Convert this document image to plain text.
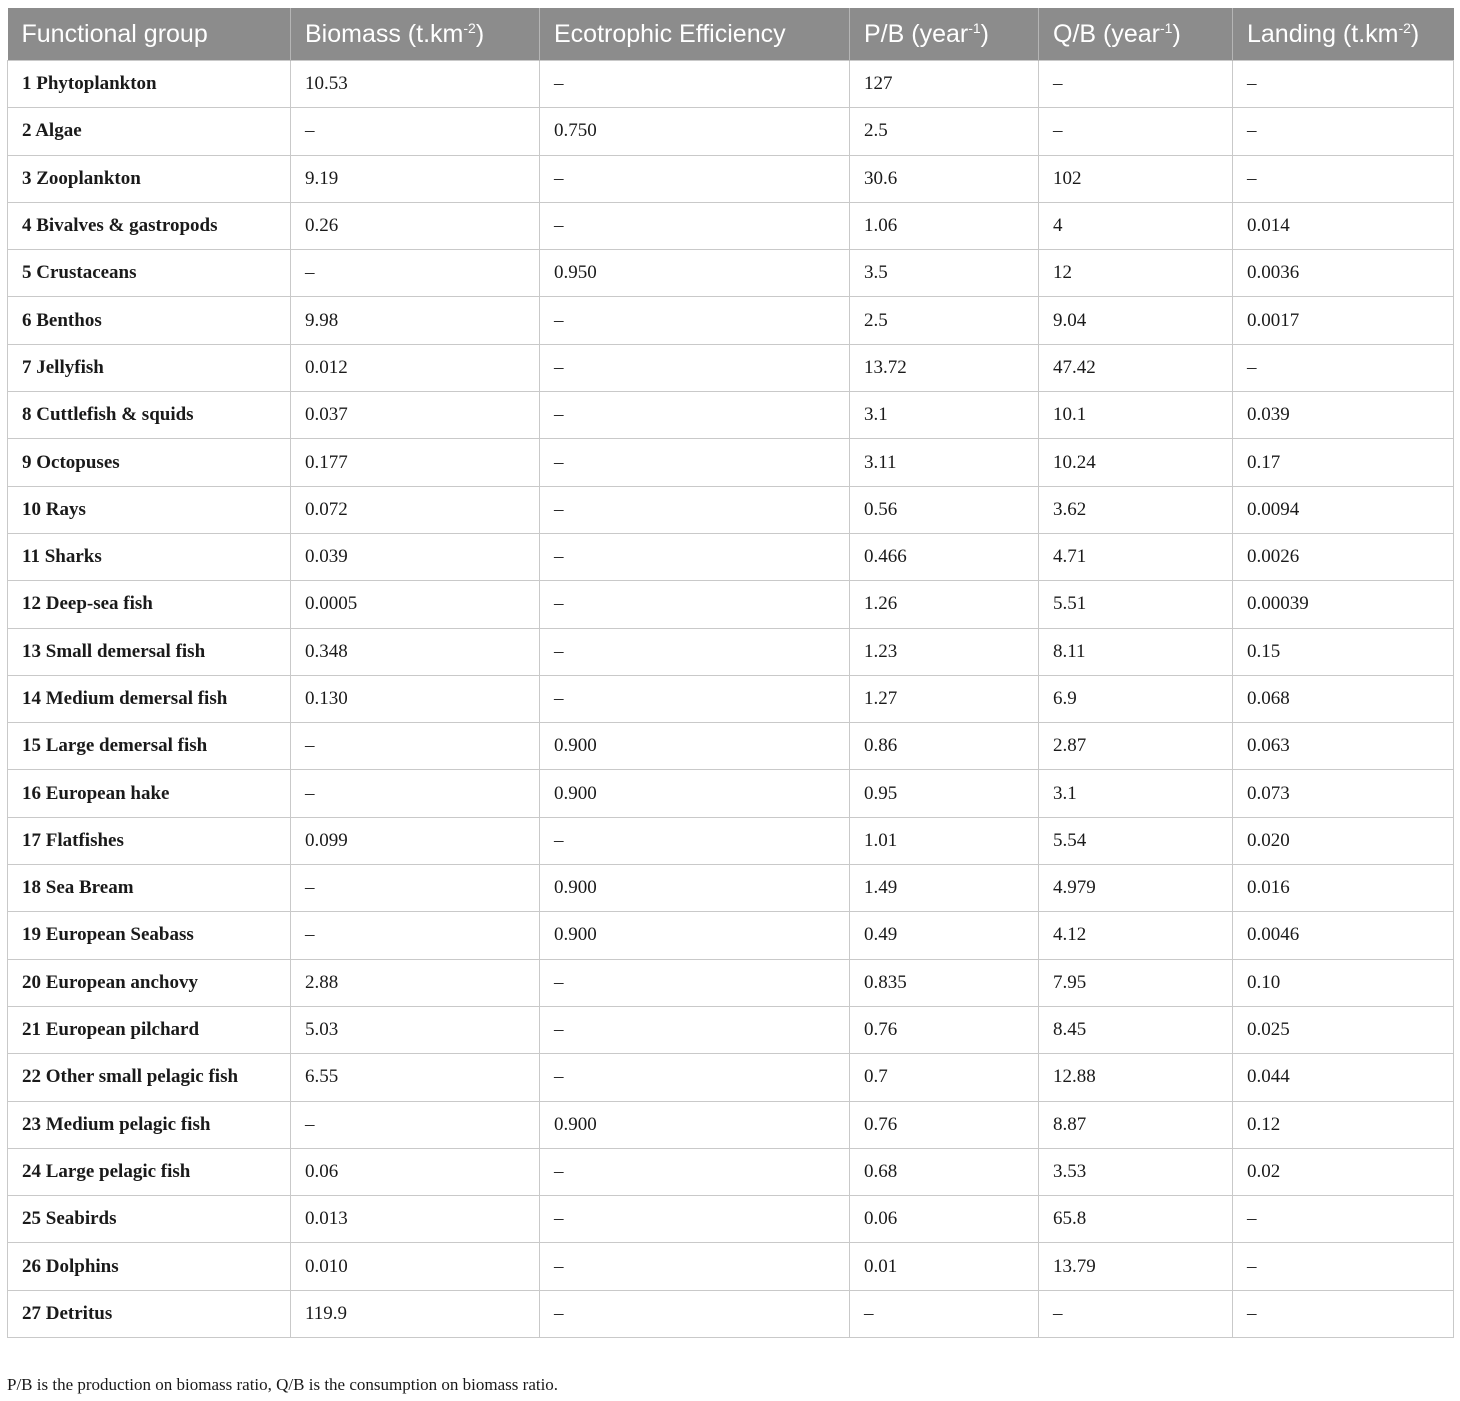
Functional group	Biomass $(t.km^{-2})$	Ecotrophic Efficiency	P/B (year$^{-1}$)	Q/B (year$^{-1}$)	Landing $(t.km^{-2})$
1 Phytoplankton	10.53	–	127	–	–
2 Algae	–	0.750	2.5	–	–
3 Zooplankton	9.19	–	30.6	102	–
4 Bivalves & gastropods	0.26	–	1.06	4	0.014
5 Crustaceans	–	0.950	3.5	12	0.0036
6 Benthos	9.98	–	2.5	9.04	0.0017
7 Jellyfish	0.012	–	13.72	47.42	–
8 Cuttlefish & squids	0.037	–	3.1	10.1	0.039
9 Octopuses	0.177	–	3.11	10.24	0.17
10 Rays	0.072	–	0.56	3.62	0.0094
11 Sharks	0.039	–	0.466	4.71	0.0026
12 Deep-sea fish	0.0005	–	1.26	5.51	0.00039
13 Small demersal fish	0.348	–	1.23	8.11	0.15
14 Medium demersal fish	0.130	–	1.27	6.9	0.068
15 Large demersal fish	–	0.900	0.86	2.87	0.063
16 European hake	–	0.900	0.95	3.1	0.073
17 Flatfishes	0.099	–	1.01	5.54	0.020
18 Sea Bream	–	0.900	1.49	4.979	0.016
19 European Seabass	–	0.900	0.49	4.12	0.0046
20 European anchovy	2.88	–	0.835	7.95	0.10
21 European pilchard	5.03	–	0.76	8.45	0.025
22 Other small pelagic fish	6.55	–	0.7	12.88	0.044
23 Medium pelagic fish	–	0.900	0.76	8.87	0.12
24 Large pelagic fish	0.06	–	0.68	3.53	0.02
25 Seabirds	0.013	–	0.06	65.8	–
26 Dolphins	0.010	–	0.01	13.79	–
27 Detritus	119.9	–	–	–	–
P/B is the production on biomass ratio, Q/B is the consumption on biomass ratio.
